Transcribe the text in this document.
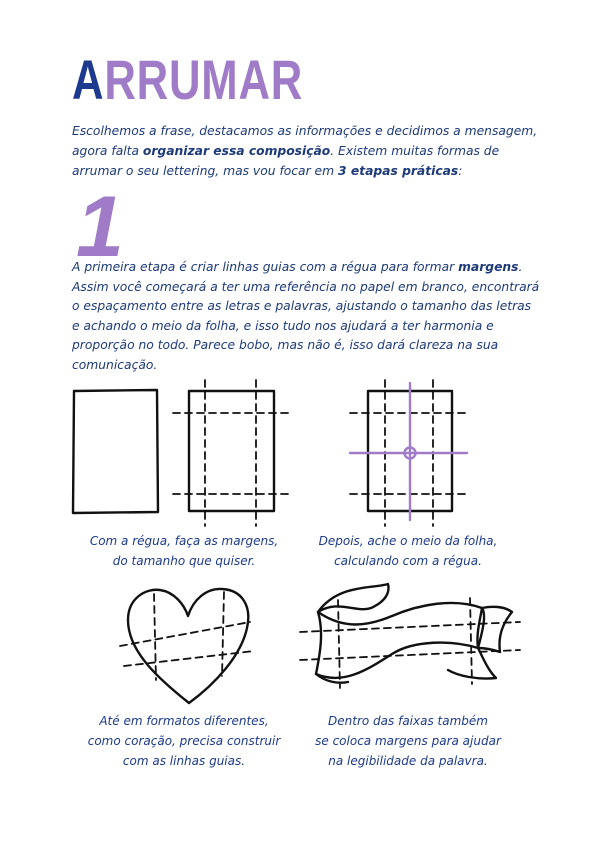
ARRUMAR
Escolhemos a frase, destacamos as informações e decidimos a mensagem, agora falta organizar essa composição. Existem muitas formas de arrumar o seu lettering, mas vou focar em 3 etapas práticas:
1
A primeira etapa é criar linhas guias com a régua para formar margens. Assim você começará a ter uma referência no papel em branco, encontrará o espaçamento entre as letras e palavras, ajustando o tamanho das letras e achando o meio da folha, e isso tudo nos ajudará a ter harmonia e proporção no todo. Parece bobo, mas não é, isso dará clareza na sua comunicação.
Com a régua, faça as margens,
do tamanho que quiser.
Depois, ache o meio da folha,
calculando com a régua.
Até em formatos diferentes,
como coração, precisa construir
com as linhas guias.
Dentro das faixas também
se coloca margens para ajudar
na legibilidade da palavra.
